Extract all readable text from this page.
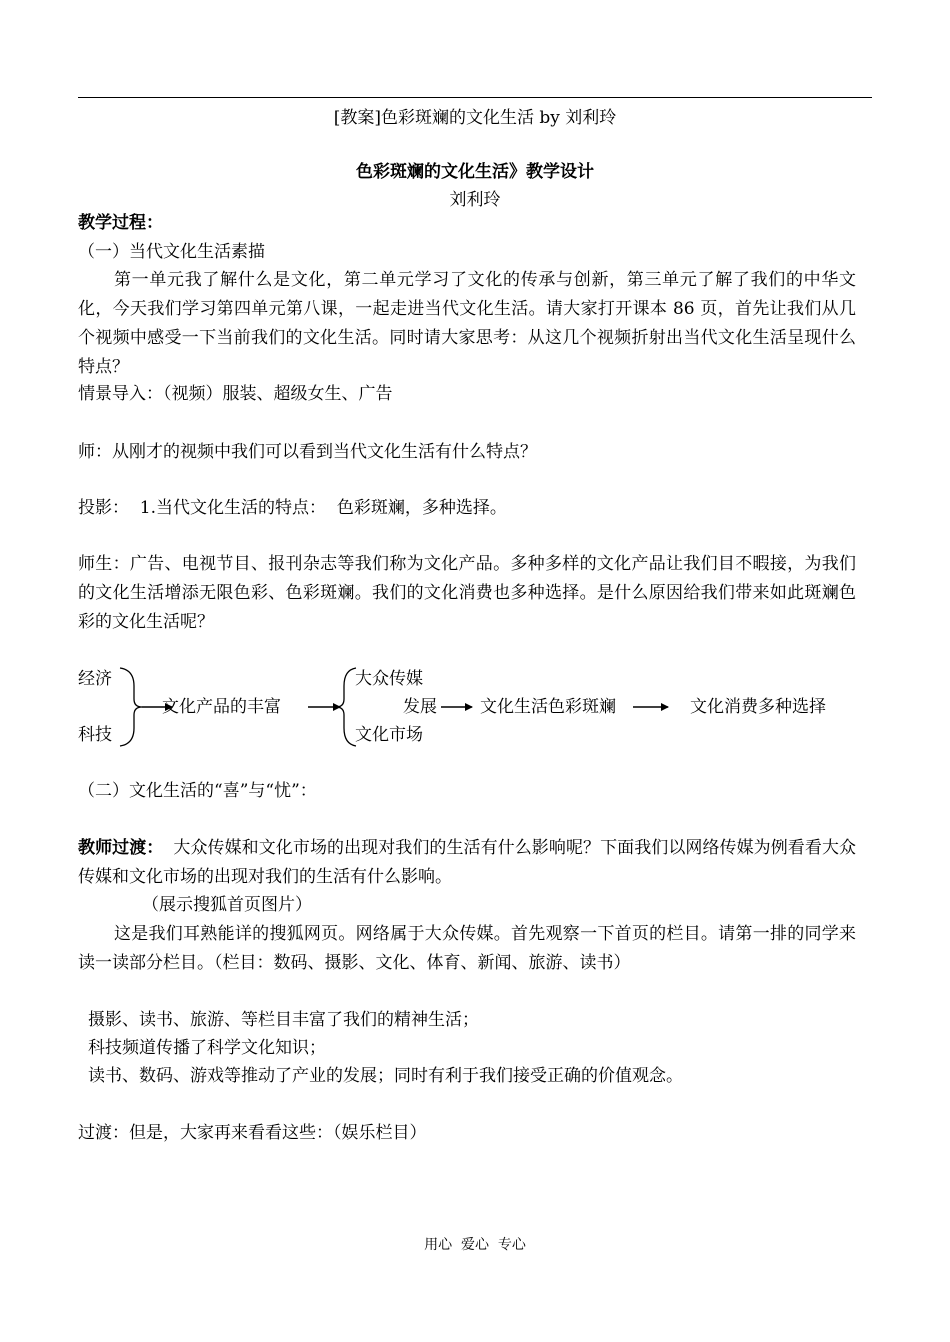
[教案]色彩斑斓的文化生活 by 刘利玲
色彩斑斓的文化生活》教学设计
刘利玲
教学过程：
（一）当代文化生活素描
第一单元我了解什么是文化，第二单元学习了文化的传承与创新，第三单元了解了我们的中华文化，今天我们学习第四单元第八课，一起走进当代文化生活。请大家打开课本 86 页，首先让我们从几个视频中感受一下当前我们的文化生活。同时请大家思考：从这几个视频折射出当代文化生活呈现什么特点？
情景导入：（视频）服装、超级女生、广告
师：从刚才的视频中我们可以看到当代文化生活有什么特点？
投影：  1.当代文化生活的特点：  色彩斑斓，多种选择。
师生：广告、电视节目、报刊杂志等我们称为文化产品。多种多样的文化产品让我们目不暇接，为我们的文化生活增添无限色彩、色彩斑斓。我们的文化消费也多种选择。是什么原因给我们带来如此斑斓色彩的文化生活呢？
经济
科技
文化产品的丰富
大众传媒
发展
文化市场
文化生活色彩斑斓	文化消费多种选择
（二）文化生活的“喜”与“忧”：
教师过渡： 大众传媒和文化市场的出现对我们的生活有什么影响呢？下面我们以网络传媒为例看看大众传媒和文化市场的出现对我们的生活有什么影响。
（展示搜狐首页图片）
这是我们耳熟能详的搜狐网页。网络属于大众传媒。首先观察一下首页的栏目。请第一排的同学来读一读部分栏目。（栏目：数码、摄影、文化、体育、新闻、旅游、读书）
摄影、读书、旅游、等栏目丰富了我们的精神生活；
科技频道传播了科学文化知识；
读书、数码、游戏等推动了产业的发展；同时有利于我们接受正确的价值观念。
过渡：但是，大家再来看看这些：（娱乐栏目）
用心  爱心  专心
